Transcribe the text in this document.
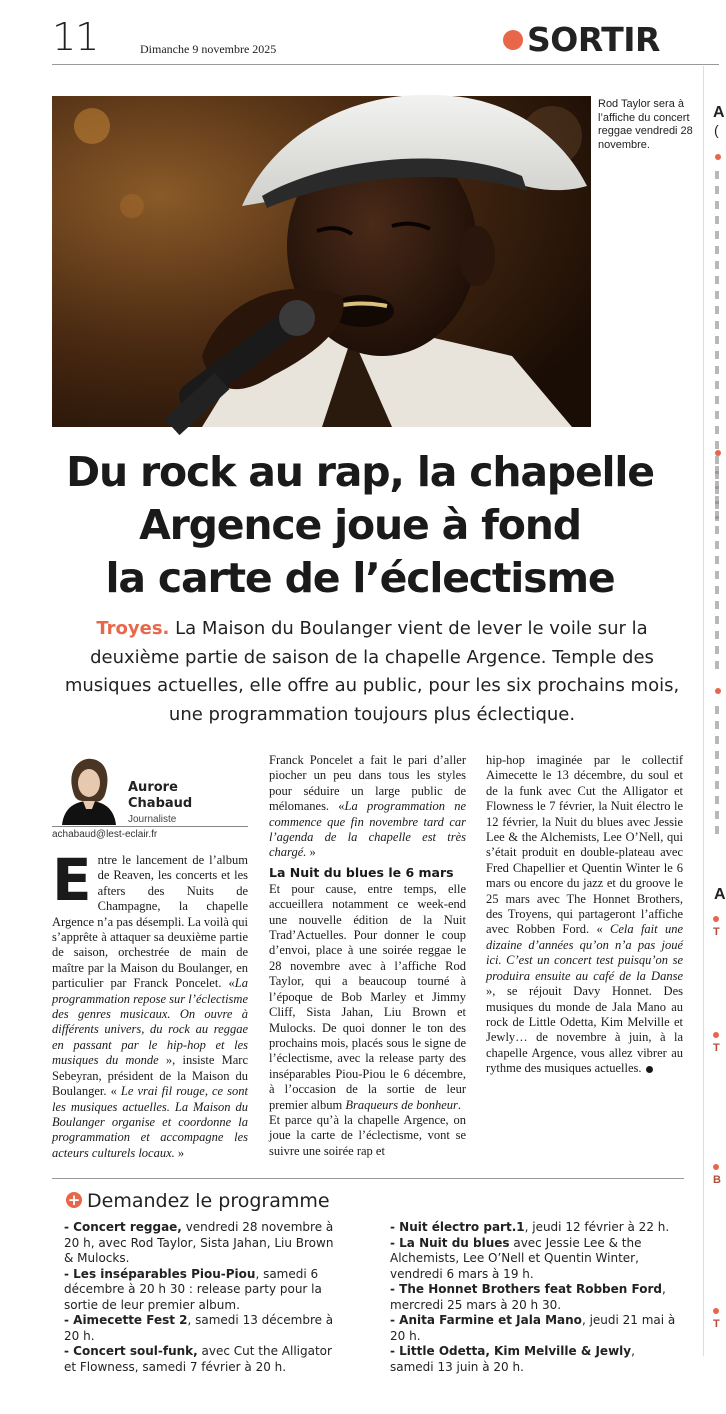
11	Dimanche 9 novembre 2025	SORTIR
Rod Taylor sera à l’affiche du concert reggae vendredi 28 novembre.
A
(
A
T
T
B
T
Du rock au rap, la chapelle
Argence joue à fond
la carte de l’éclectisme
Troyes. La Maison du Boulanger vient de lever le voile sur la deuxième partie de saison de la chapelle Argence. Temple des musiques actuelles, elle offre au public, pour les six prochains mois, une programmation toujours plus éclectique.
Aurore
Chabaud
Journaliste
achabaud@lest-eclair.fr

Entre le lancement de l’album de Reaven, les concerts et les afters des Nuits de Champagne, la chapelle Argence n’a pas désempli. La voilà qui s’apprête à attaquer sa deuxième partie de saison, orchestrée de main de maître par la Maison du Boulanger, en particulier par Franck Poncelet. «La programmation repose sur l’éclectisme des genres musicaux. On ouvre à différents univers, du rock au reggae en passant par le hip-hop et les musiques du monde », insiste Marc Sebeyran, président de la Maison du Boulanger. « Le vrai fil rouge, ce sont les musiques actuelles. La Maison du Boulanger organise et coordonne la programmation et accompagne les acteurs culturels locaux. »

Franck Poncelet a fait le pari d’aller piocher un peu dans tous les styles pour séduire un large public de mélomanes. «La programmation ne commence que fin novembre tard car l’agenda de la chapelle est très chargé. »

La Nuit du blues le 6 mars

Et pour cause, entre temps, elle accueillera notamment ce week-end une nouvelle édition de la Nuit Trad’Actuelles. Pour donner le coup d’envoi, place à une soirée reggae le 28 novembre avec à l’affiche Rod Taylor, qui a beaucoup tourné à l’époque de Bob Marley et Jimmy Cliff, Sista Jahan, Liu Brown et Mulocks. De quoi donner le ton des prochains mois, placés sous le signe de l’éclectisme, avec la release party des inséparables Piou-Piou le 6 décembre, à l’occasion de la sortie de leur premier album Braqueurs de bonheur.

Et parce qu’à la chapelle Argence, on joue la carte de l’éclectisme, vont se suivre une soirée rap et

hip-hop imaginée par le collectif Aimecette le 13 décembre, du soul et de la funk avec Cut the Alligator et Flowness le 7 février, la Nuit électro le 12 février, la Nuit du blues avec Jessie Lee & the Alchemists, Lee O’Nell, qui s’était produit en double-plateau avec Fred Chapellier et Quentin Winter le 6 mars ou encore du jazz et du groove le 25 mars avec The Honnet Brothers, des Troyens, qui partageront l’affiche avec Robben Ford. « Cela fait une dizaine d’années qu’on n’a pas joué ici. C’est un concert test puisqu’on se produira ensuite au café de la Danse », se réjouit Davy Honnet. Des musiques du monde de Jala Mano au rock de Little Odetta, Kim Melville et Jewly… de novembre à juin, à la chapelle Argence, vous allez vibrer au rythme des musiques actuelles.

+ Demandez le programme

- Concert reggae, vendredi 28 novembre à 20 h, avec Rod Taylor, Sista Jahan, Liu Brown & Mulocks.

- Les inséparables Piou-Piou, samedi 6 décembre à 20 h 30 : release party pour la sortie de leur premier album.

- Aimecette Fest 2, samedi 13 décembre à 20 h.

- Concert soul-funk, avec Cut the Alligator et Flowness, samedi 7 février à 20 h.

- Nuit électro part.1, jeudi 12 février à 22 h.

- La Nuit du blues avec Jessie Lee & the Alchemists, Lee O’Nell et Quentin Winter, vendredi 6 mars à 19 h.

- The Honnet Brothers feat Robben Ford, mercredi 25 mars à 20 h 30.

- Anita Farmine et Jala Mano, jeudi 21 mai à 20 h.

- Little Odetta, Kim Melville & Jewly, samedi 13 juin à 20 h.
